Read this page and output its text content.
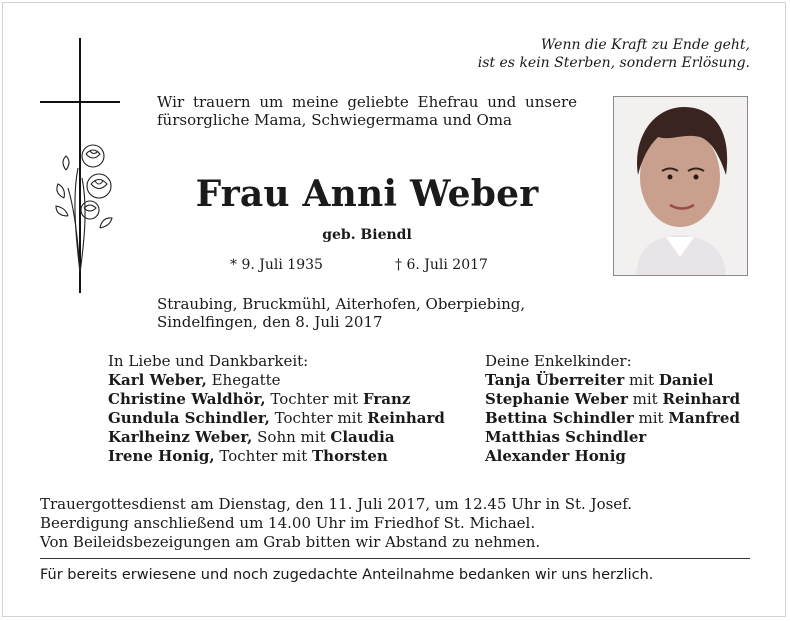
Wenn die Kraft zu Ende geht,
ist es kein Sterben, sondern Erlösung.
Wir trauern um meine geliebte Ehefrau und unsere fürsorgliche Mama, Schwiegermama und Oma
Frau Anni Weber
geb. Biendl
* 9. Juli 1935	† 6. Juli 2017
Straubing, Bruckmühl, Aiterhofen, Oberpiebing,
Sindelfingen, den 8. Juli 2017
In Liebe und Dankbarkeit:
Karl Weber, Ehegatte
Christine Waldhör, Tochter mit Franz
Gundula Schindler, Tochter mit Reinhard
Karlheinz Weber, Sohn mit Claudia
Irene Honig, Tochter mit Thorsten
Deine Enkelkinder:
Tanja Überreiter mit Daniel
Stephanie Weber mit Reinhard
Bettina Schindler mit Manfred
Matthias Schindler
Alexander Honig
Trauergottesdienst am Dienstag, den 11. Juli 2017, um 12.45 Uhr in St. Josef.
Beerdigung anschließend um 14.00 Uhr im Friedhof St. Michael.
Von Beileidsbezeigungen am Grab bitten wir Abstand zu nehmen.
Für bereits erwiesene und noch zugedachte Anteilnahme bedanken wir uns herzlich.
